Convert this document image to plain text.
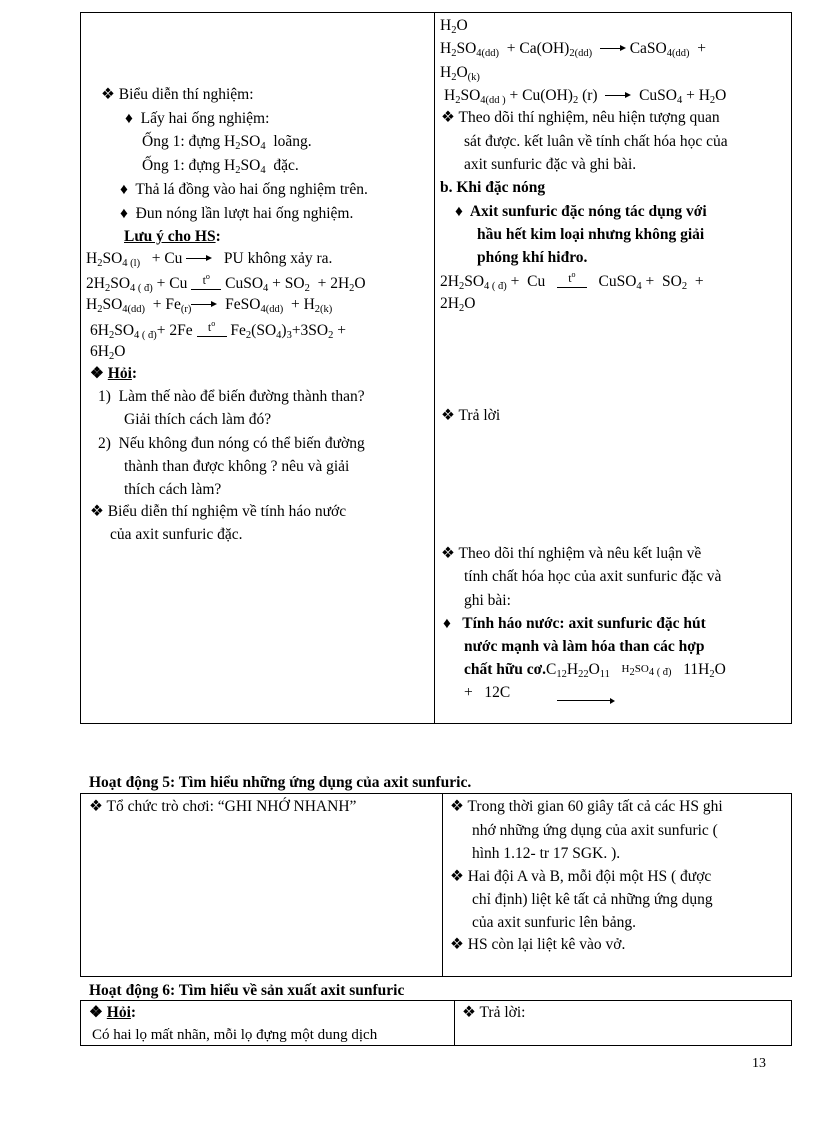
❖ Biểu diễn thí nghiệm:
♦  Lấy hai ống nghiệm:
Ống 1: đựng $H_2SO_4$ loãng.
Ống 1: đựng $H_2SO_4$ đặc.
♦  Thả lá đồng vào hai ống nghiệm trên.
♦  Đun nóng lần lượt hai ống nghiệm.
Lưu ý cho HS:
$H_2SO_{4 (l)} + Cu$    PU không xảy ra.
$2H_2SO_{4 ( đ)} + Cu$ $t^o$ CuSO$_4$ + $SO_2 + 2H_2O$
$H_2SO_{4(dd)} + Fe_{(r)}$  FeSO$_{4(dd)}$  + $H_{2(k)}$
$6H_2SO_{4 ( đ)}+ 2Fe$ $t^o$ $Fe_2(SO_4)_3+3SO_2$ +
$6H_2O$
❖ Hỏi:
1)  Làm thế nào để biến đường thành than?
Giải thích cách làm đó?
2)  Nếu không đun nóng có thể biến đường
thành than được không ? nêu và giải
thích cách làm?
❖ Biểu diễn thí nghiệm về tính háo nước
của axit sunfuric đặc.
$H_2O$
$H_2SO_{4(dd)} + Ca(OH)_{2(dd)}$   CaSO$_{4(dd)}$  +
$H_2O_{(k)}$
$H_2SO_{4(dd )} + Cu(OH)_2$ (r)    CuSO$_4$ + $H_2O$
❖ Theo dõi thí nghiệm, nêu hiện tượng quan
sát được. kết luân về tính chất hóa học của
axit sunfuric đặc và ghi bài.
b. Khi đặc nóng
♦  Axit sunfuric đặc nóng tác dụng với
hầu hết kim loại nhưng không giải
phóng khí hiđro.
$2H_2SO_{4 ( đ)} + Cu$   $t^o$   CuSO$_4$ +  $SO_2$  +
$2H_2O$
❖ Trả lời
❖ Theo dõi thí nghiệm và nêu kết luận về
tính chất hóa học của axit sunfuric đặc và
ghi bài:
♦   Tính háo nước: axit sunfuric đặc hút
nước mạnh và làm hóa than các hợp
chất hữu $cơ.C_{12}H_{22}O_{11}$ $H_2SO_{4 ( đ)}$   $11H_2O$
+   12C
Hoạt động 5: Tìm hiểu những ứng dụng của axit sunfuric.
❖ Tổ chức trò chơi: “GHI NHỚ NHANH”	❖ Trong thời gian 60 giây tất cả các HS ghi
nhớ những ứng dụng của axit sunfuric (
hình 1.12- tr 17 SGK. ).
❖ Hai đội A và B, mỗi đội một HS ( được
chỉ định) liệt kê tất cả những ứng dụng
của axit sunfuric lên bảng.
❖ HS còn lại liệt kê vào vở.
Hoạt động 6: Tìm hiểu về sản xuất axit sunfuric
❖ Hỏi:
Có hai lọ mất nhãn, mỗi lọ đựng một dung dịch
❖ Trả lời:
13
